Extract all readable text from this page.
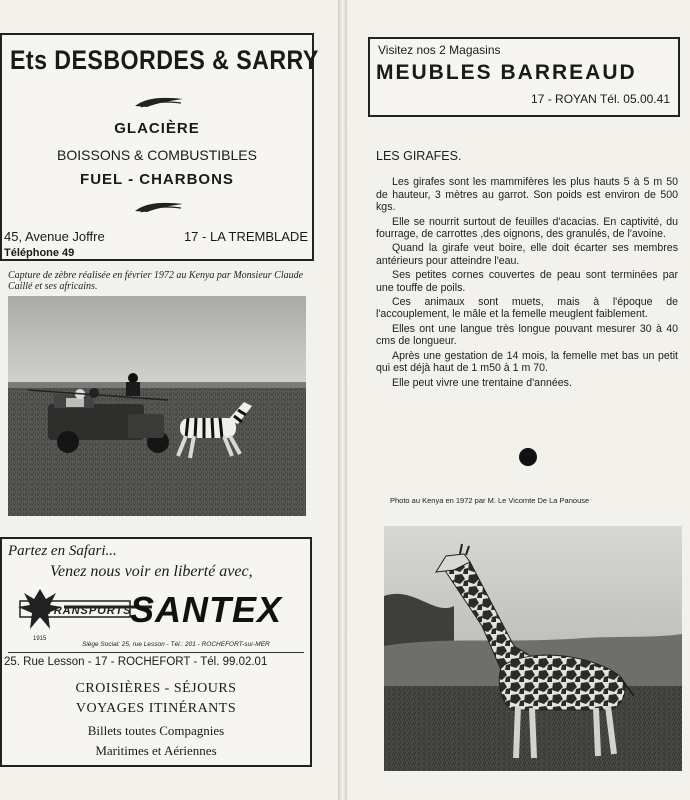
Ets DESBORDES & SARRY
GLACIÈRE
BOISSONS & COMBUSTIBLES
FUEL - CHARBONS
45, Avenue Joffre	17 - LA TREMBLADE
Téléphone 49
Capture de zèbre réalisée en février 1972 au Kenya par Monsieur Claude Caillé et ses africains.
Partez en Safari...
Venez nous voir en liberté avec,
1915
TRANSPORTS
SANTEX
Siège Social: 25, rue Lesson - Tél.: 201 - ROCHEFORT-sur-MER
25. Rue Lesson - 17 - ROCHEFORT - Tél. 99.02.01
CROISIÈRES - SÉJOURS
VOYAGES ITINÉRANTS
Billets toutes Compagnies
Maritimes et Aériennes
Visitez nos 2 Magasins
MEUBLES BARREAUD
17 - ROYAN Tél. 05.00.41
LES GIRAFES.

Les girafes sont les mammifères les plus hauts 5 à 5 m 50 de hauteur, 3 mètres au garrot. Son poids est environ de 500 kgs.

Elle se nourrit surtout de feuilles d'acacias. En captivité, du fourrage, de carrottes ,des oignons, des granulés, de l'avoine.

Quand la girafe veut boire, elle doit écarter ses membres antérieurs pour atteindre l'eau.

Ses petites cornes couvertes de peau sont terminées par une touffe de poils.

Ces animaux sont muets, mais à l'époque de l'accouplement, le mâle et la femelle meuglent faiblement.

Elles ont une langue très longue pouvant mesurer 30 à 40 cms de longueur.

Après une gestation de 14 mois, la femelle met bas un petit qui est déjà haut de 1 m50 à 1 m 70.

Elle peut vivre une trentaine d'années.

Photo au Kenya en 1972 par M. Le Vicomte De La Panouse
